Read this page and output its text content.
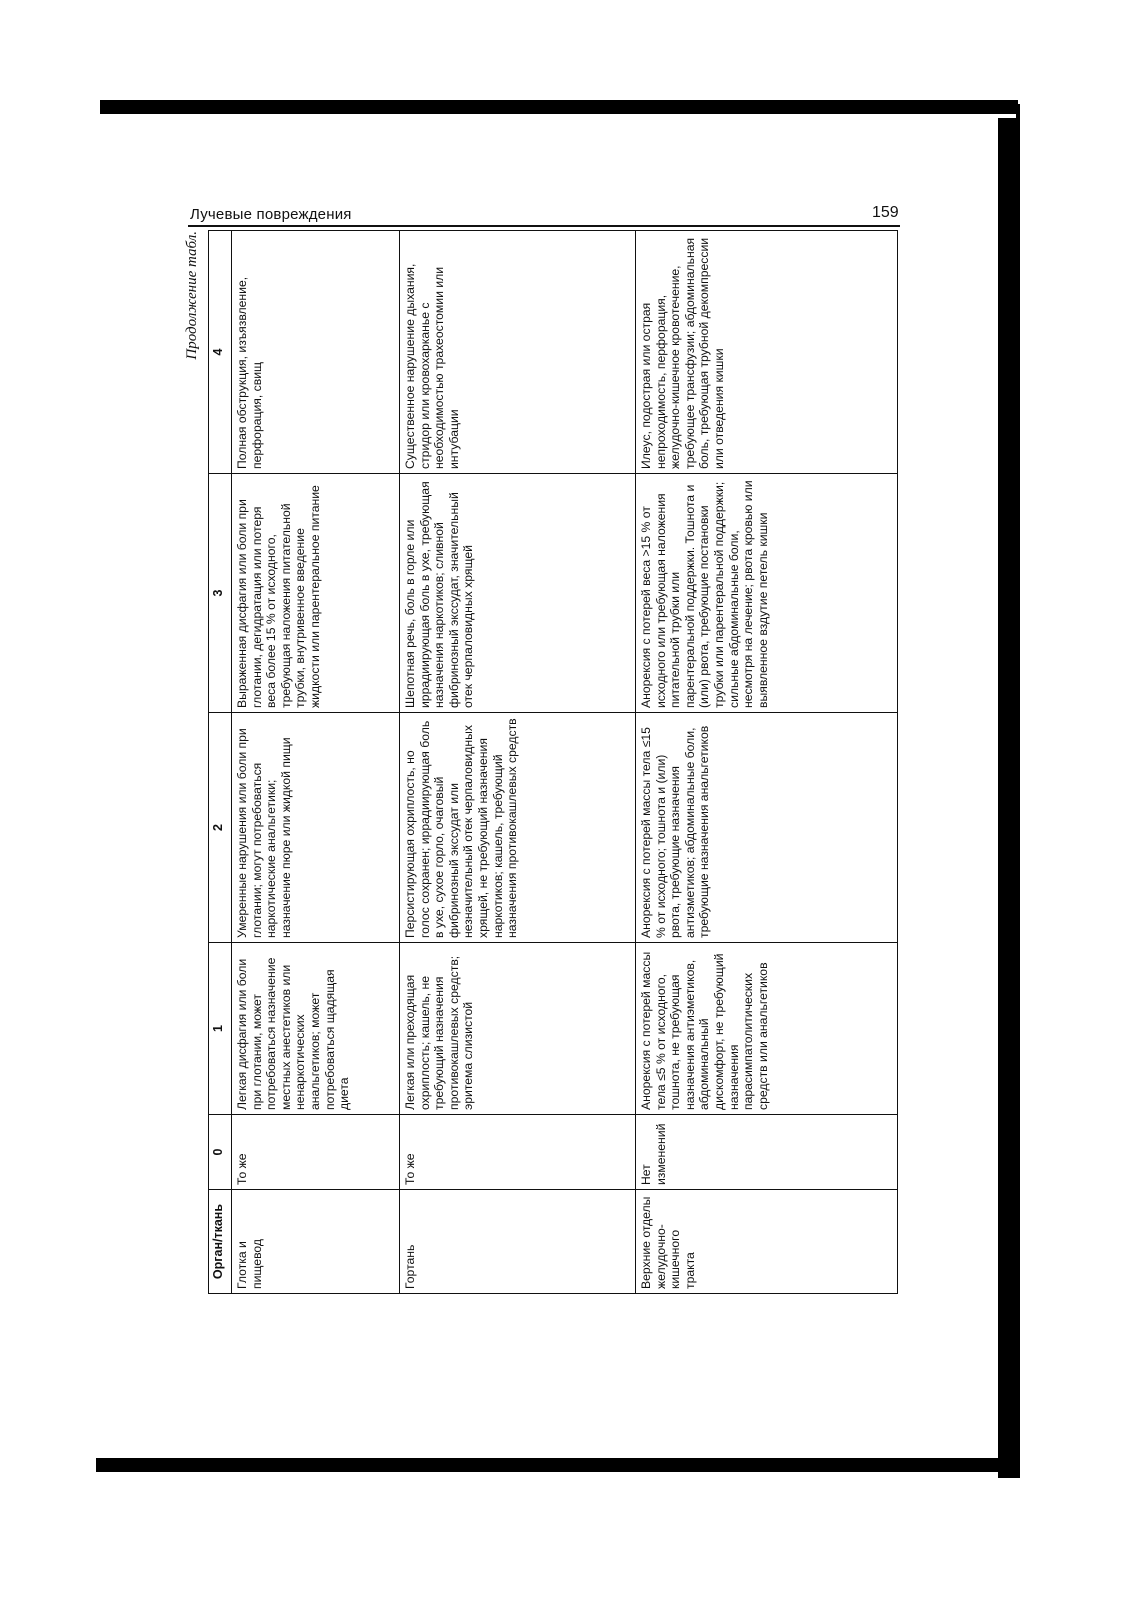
Лучевые повреждения	159
Продолжение табл.
Орган/ткань	0	1	2	3	4
Глотка и пищевод	То же	Легкая дисфагия или боли при глотании, может потребоваться назначение местных анестетиков или ненаркотических анальгетиков; может потребоваться щадящая диета	Умеренные нарушения или боли при глотании; могут потребоваться наркотические анальгетики; назначение пюре или жидкой пищи	Выраженная дисфагия или боли при глотании, дегидратация или потеря веса более 15 % от исходного, требующая наложения питательной трубки, внутривенное введение жидкости или парентеральное питание	Полная обструкция, изъязвление, перфорация, свищ
Гортань	То же	Легкая или преходящая охриплость; кашель, не требующий назначения противокашлевых средств; эритема слизистой	Персистирующая охриплость, но голос сохранен; иррадиирующая боль в ухе, сухое горло, очаговый фибринозный экссудат или незначительный отек черпаловидных хрящей, не требующий назначения наркотиков; кашель, требующий назначения противокашлевых средств	Шепотная речь, боль в горле или иррадиирующая боль в ухе, требующая назначения наркотиков; сливной фибринозный экссудат, значительный отек черпаловидных хрящей	Существенное нарушение дыхания, стридор или кровохарканье с необходимостью трахеостомии или интубации
Верхние отделы желудочно-кишечного тракта	Нет изменений	Анорексия с потерей массы тела ≤5 % от исходного, тошнота, не требующая назначения антиэметиков, абдоминальный дискомфорт, не требующий назначения парасимпатолитических средств или анальгетиков	Анорексия с потерей массы тела ≤15 % от исходного; тошнота и (или) рвота, требующие назначения антиэметиков; абдоминальные боли, требующие назначения анальгетиков	Анорексия с потерей веса >15 % от исходного или требующая наложения питательной трубки или парентеральной поддержки. Тошнота и (или) рвота, требующие постановки трубки или парентеральной поддержки; сильные абдоминальные боли, несмотря на лечение; рвота кровью или выявленное вздутие петель кишки	Илеус, подострая или острая непроходимость, перфорация, желудочно-кишечное кровотечение, требующее трансфузии; абдоминальная боль, требующая трубной декомпрессии или отведения кишки
